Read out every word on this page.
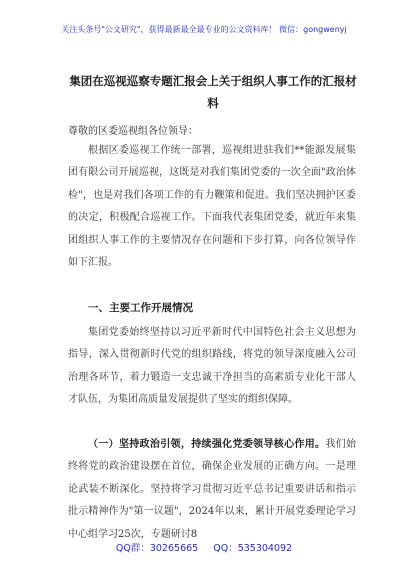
关注头条号"公文研究"，获得最新最全最专业的公文资料库！ 微信：gongwenyj
集团在巡视巡察专题汇报会上关于组织人事工作的汇报材料
尊敬的区委巡视组各位领导：
根据区委巡视工作统一部署，巡视组进驻我们**能源发展集团有限公司开展巡视，这既是对我们集团党委的一次全面"政治体检"，也是对我们各项工作的有力鞭策和促进。我们坚决拥护区委的决定，积极配合巡视工作。下面我代表集团党委，就近年来集团组织人事工作的主要情况存在问题和下步打算，向各位领导作如下汇报。
一、主要工作开展情况
集团党委始终坚持以习近平新时代中国特色社会主义思想为指导，深入贯彻新时代党的组织路线，将党的领导深度融入公司治理各环节，着力锻造一支忠诚干净担当的高素质专业化干部人才队伍，为集团高质量发展提供了坚实的组织保障。
（一）坚持政治引领，持续强化党委领导核心作用。我们始终将党的政治建设摆在首位，确保企业发展的正确方向。一是理论武装不断深化。坚持将学习贯彻习近平总书记重要讲话和指示批示精神作为"第一议题"，2024年以来，累计开展党委理论学习中心组学习25次，专题研讨8
QQ群：30265665 QQ：535304092
